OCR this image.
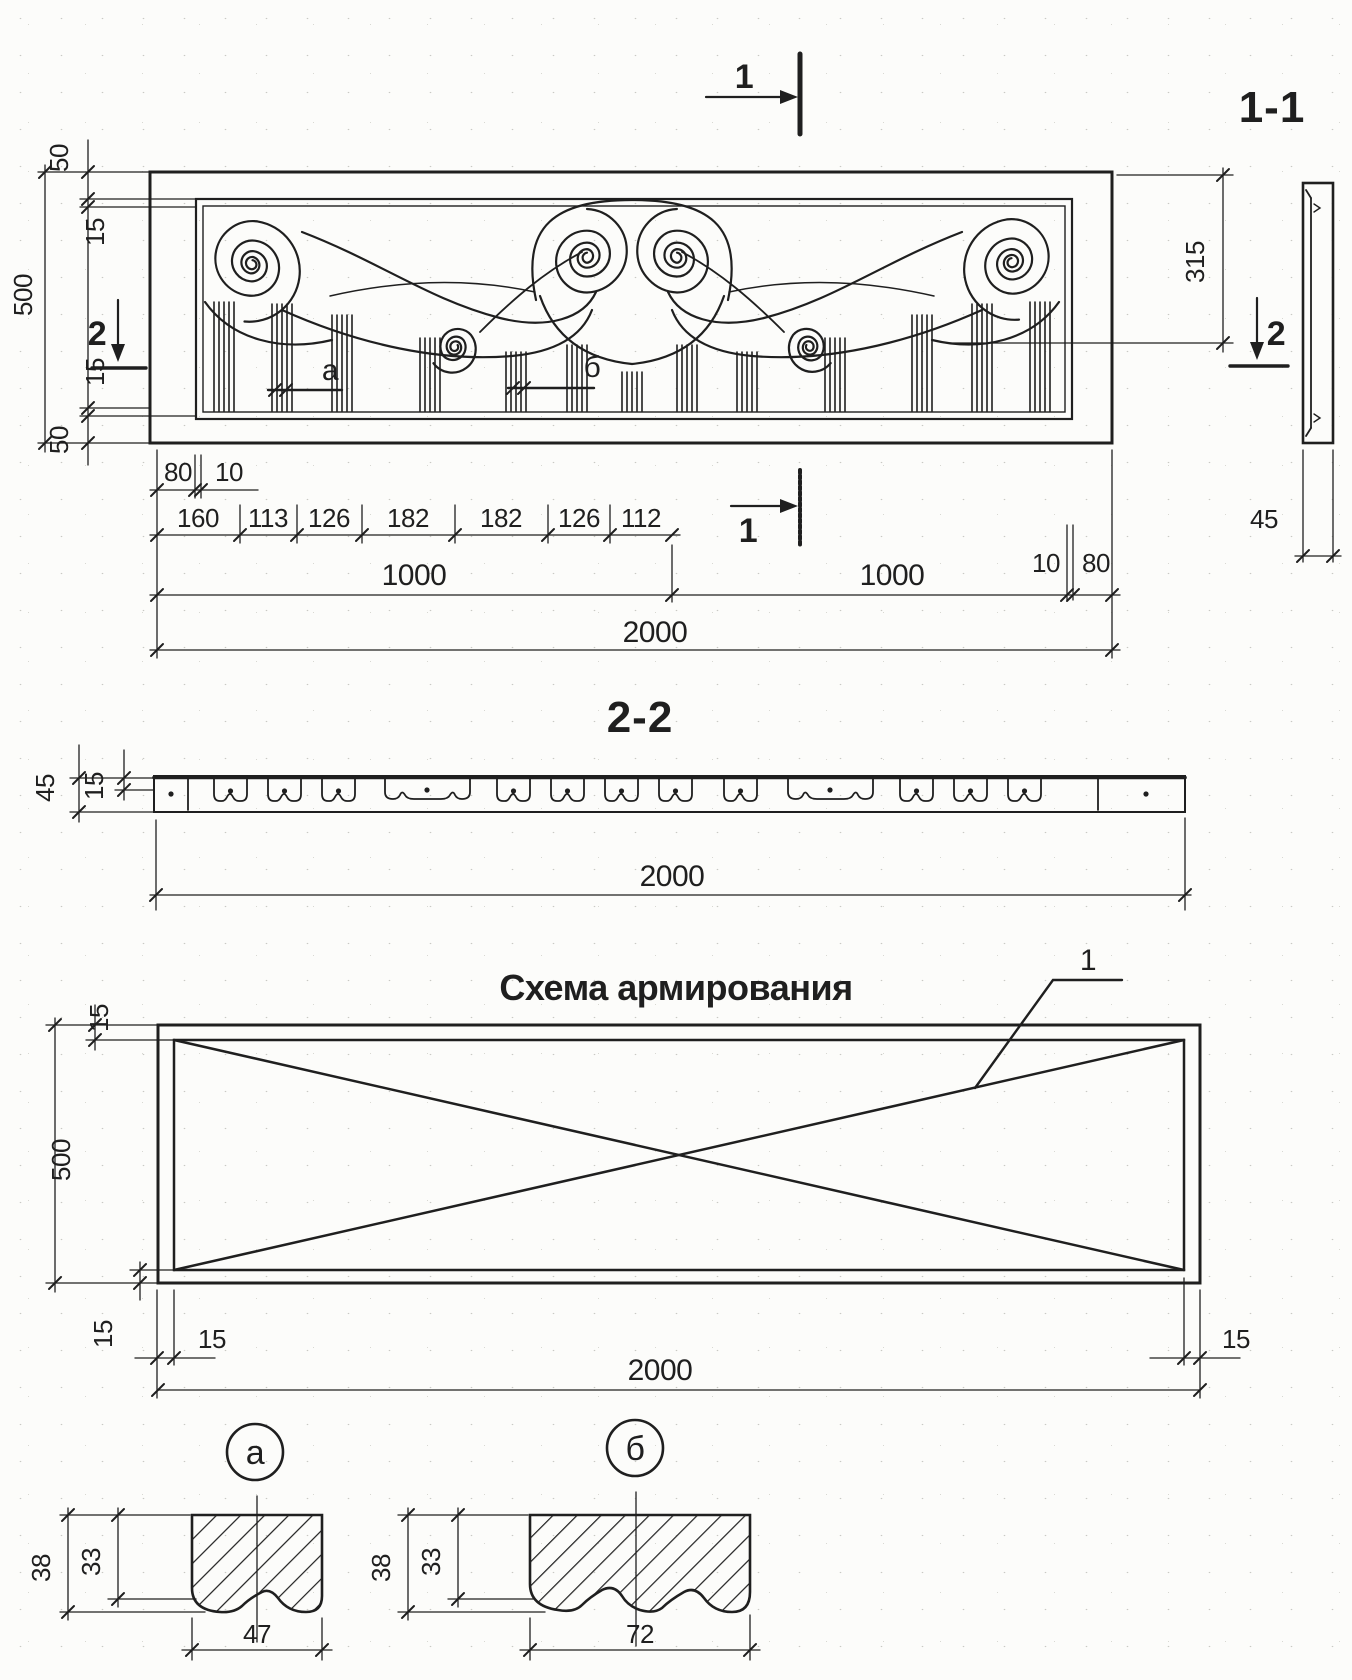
1
1
2	2
1-1
2-2
50
15
500
15
50
315
45
80 10
160 113 126 182 182 126 112
10 80
1000	1000
2000
а	б
45 15
2000
Схема армирования
1
15
500
15	15	15
2000
а	б
38 33
47
38 33
72
